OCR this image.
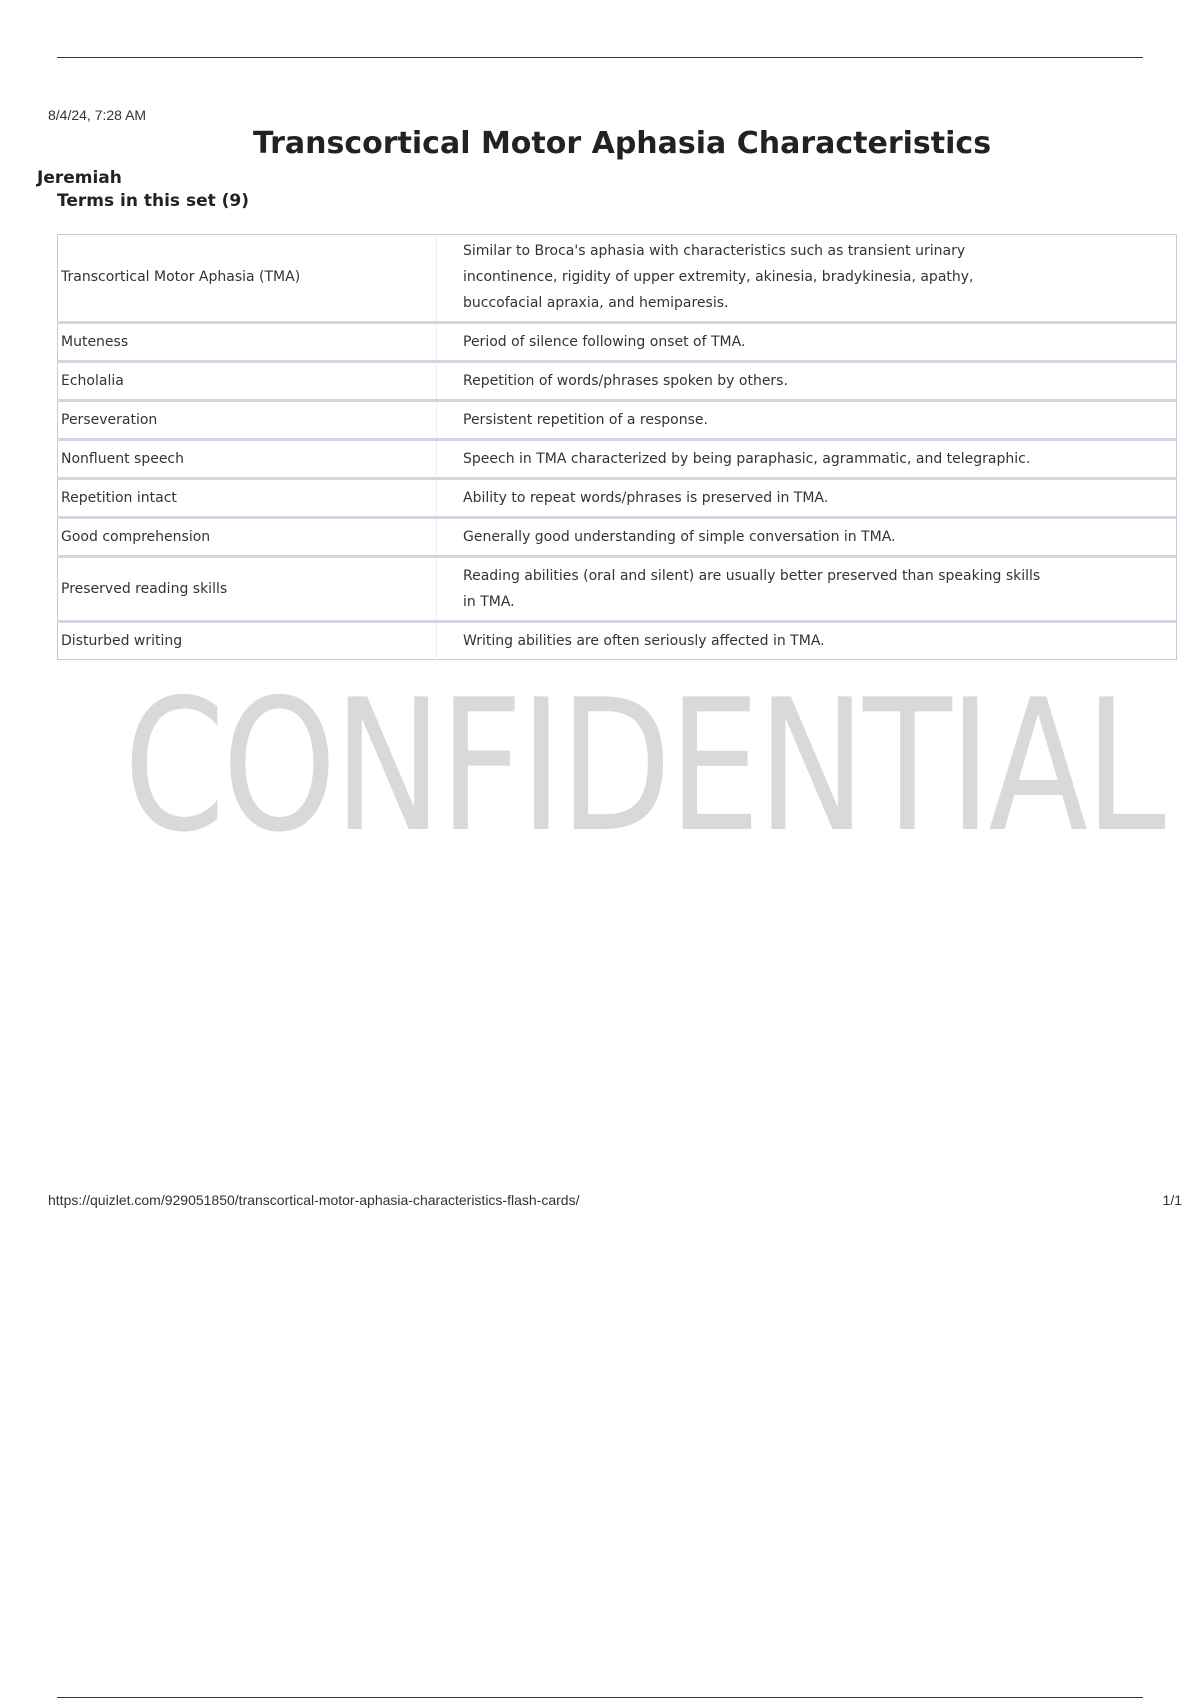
8/4/24, 7:28 AM
Transcortical Motor Aphasia Characteristics
Jeremiah
Terms in this set (9)
Transcortical Motor Aphasia (TMA)	Similar to Broca's aphasia with characteristics such as transient urinary incontinence, rigidity of upper extremity, akinesia, bradykinesia, apathy, buccofacial apraxia, and hemiparesis.
Muteness	Period of silence following onset of TMA.
Echolalia	Repetition of words/phrases spoken by others.
Perseveration	Persistent repetition of a response.
Nonfluent speech	Speech in TMA characterized by being paraphasic, agrammatic, and telegraphic.
Repetition intact	Ability to repeat words/phrases is preserved in TMA.
Good comprehension	Generally good understanding of simple conversation in TMA.
Preserved reading skills	Reading abilities (oral and silent) are usually better preserved than speaking skills in TMA.
Disturbed writing	Writing abilities are often seriously affected in TMA.
CONFIDENTIAL
https://quizlet.com/929051850/transcortical-motor-aphasia-characteristics-flash-cards/	1/1
